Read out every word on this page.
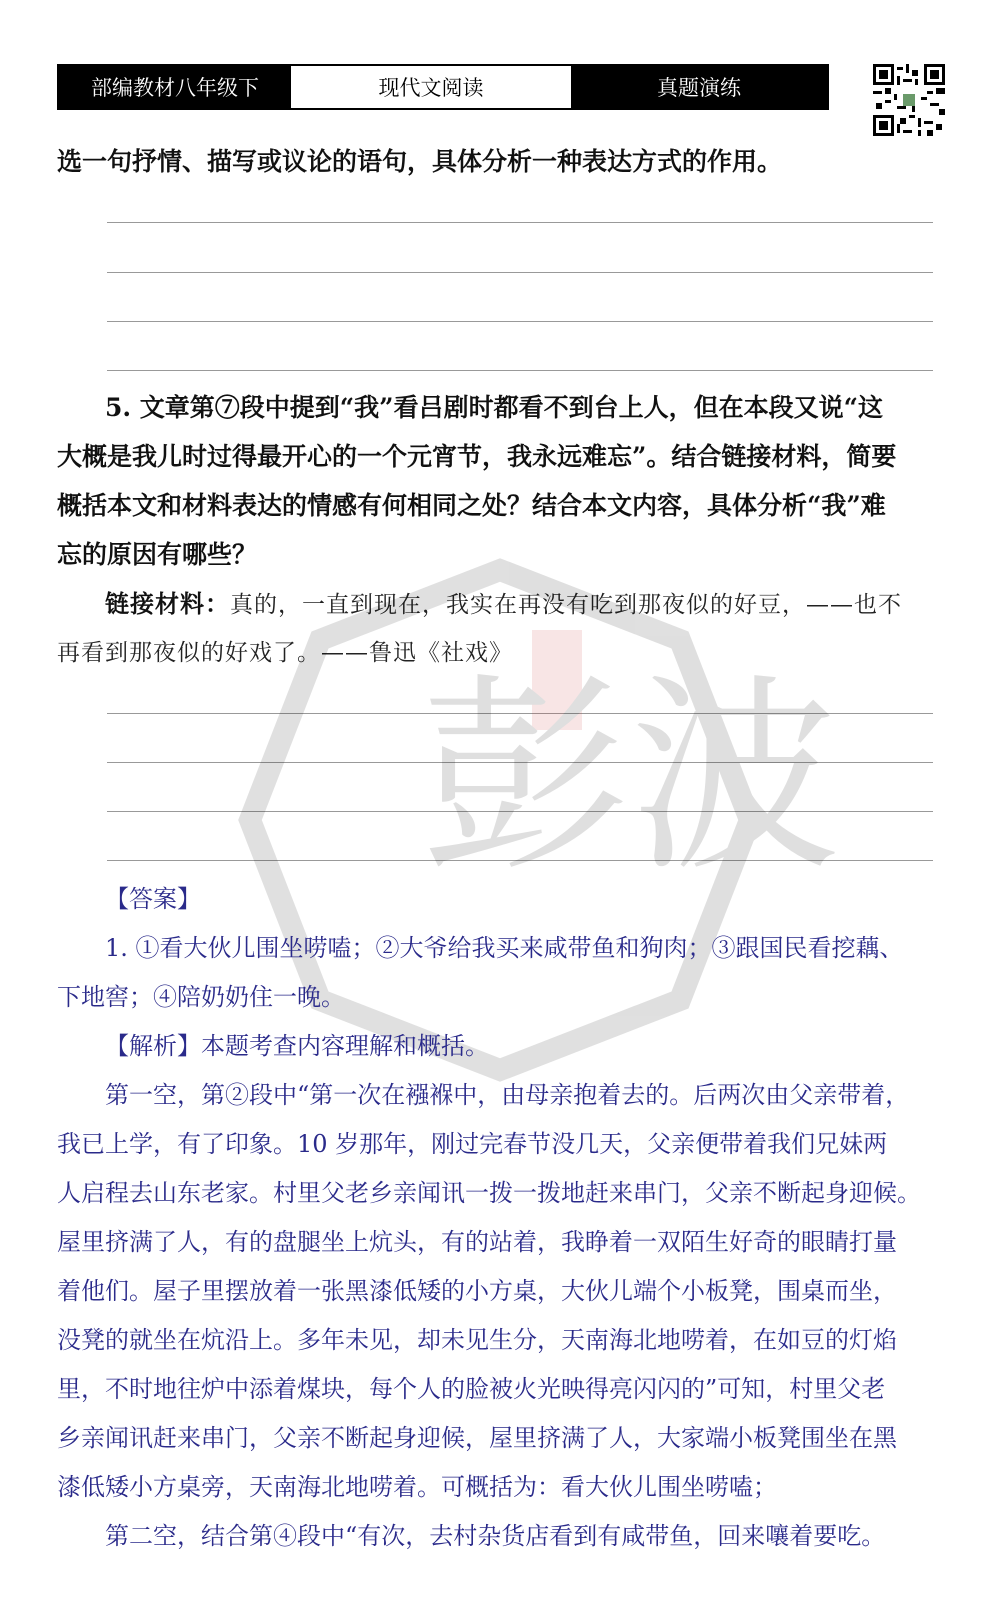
部编教材八年级下	现代文阅读	真题演练
选一句抒情、描写或议论的语句，具体分析一种表达方式的作用。
5. 文章第⑦段中提到“我”看吕剧时都看不到台上人，但在本段又说“这
大概是我儿时过得最开心的一个元宵节，我永远难忘”。结合链接材料，简要
概括本文和材料表达的情感有何相同之处？结合本文内容，具体分析“我”难
忘的原因有哪些？
链接材料：真的，一直到现在，我实在再没有吃到那夜似的好豆，——也不
再看到那夜似的好戏了。——鲁迅《社戏》
彭波
【答案】
1. ①看大伙儿围坐唠嗑；②大爷给我买来咸带鱼和狗肉；③跟国民看挖藕、
下地窖；④陪奶奶住一晚。
【解析】本题考查内容理解和概括。
第一空，第②段中“第一次在襁褓中，由母亲抱着去的。后两次由父亲带着，
我已上学，有了印象。10 岁那年，刚过完春节没几天，父亲便带着我们兄妹两
人启程去山东老家。村里父老乡亲闻讯一拨一拨地赶来串门，父亲不断起身迎候。
屋里挤满了人，有的盘腿坐上炕头，有的站着，我睁着一双陌生好奇的眼睛打量
着他们。屋子里摆放着一张黑漆低矮的小方桌，大伙儿端个小板凳，围桌而坐，
没凳的就坐在炕沿上。多年未见，却未见生分，天南海北地唠着，在如豆的灯焰
里，不时地往炉中添着煤块，每个人的脸被火光映得亮闪闪的”可知，村里父老
乡亲闻讯赶来串门，父亲不断起身迎候，屋里挤满了人，大家端小板凳围坐在黑
漆低矮小方桌旁，天南海北地唠着。可概括为：看大伙儿围坐唠嗑；
第二空，结合第④段中“有次，去村杂货店看到有咸带鱼，回来嚷着要吃。
